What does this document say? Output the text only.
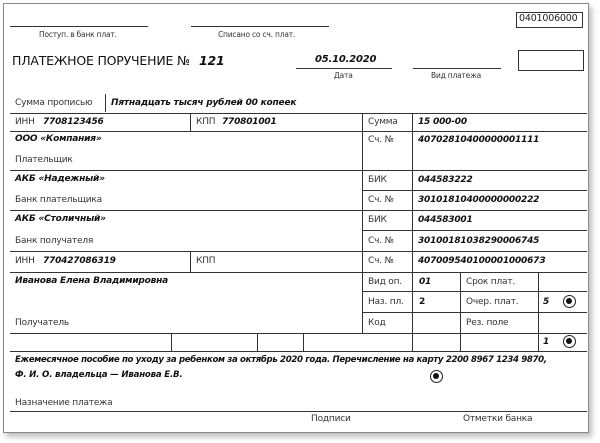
Поступ. в банк плат.	Списано со сч. плат.
0401006000
ПЛАТЕЖНОЕ ПОРУЧЕНИЕ № 121	05.10.2020
Дата	Вид платежа
Сумма прописью Пятнадцать тысяч рублей 00 копеек
ИНН 7708123456	КПП 770801001	Сумма 15 000-00
ООО «Компания»
Плательщик
Сч. №	40702810400000001111
АКБ «Надежный»
Банк плательщика
БИК	044583222
Сч. №	30101810400000000222
АКБ «Столичный»
Банк получателя
БИК	044583001
Сч. №	30100181038290006745
ИНН 770427086319	КПП	Сч. №	40700954010000100067З
Иванова Елена Владимировна
Получатель
Вид оп. 01	Срок плат.
Наз. пл. 2	Очер. плат.	5
Код	Рез. поле
1
Ежемесячное пособие по уходу за ребенком за октябрь 2020 года. Перечисление на карту 2200 8967 1234 9870,
Ф. И. О. владельца — Иванова Е.В.
Назначение платежа
Подписи	Отметки банка
